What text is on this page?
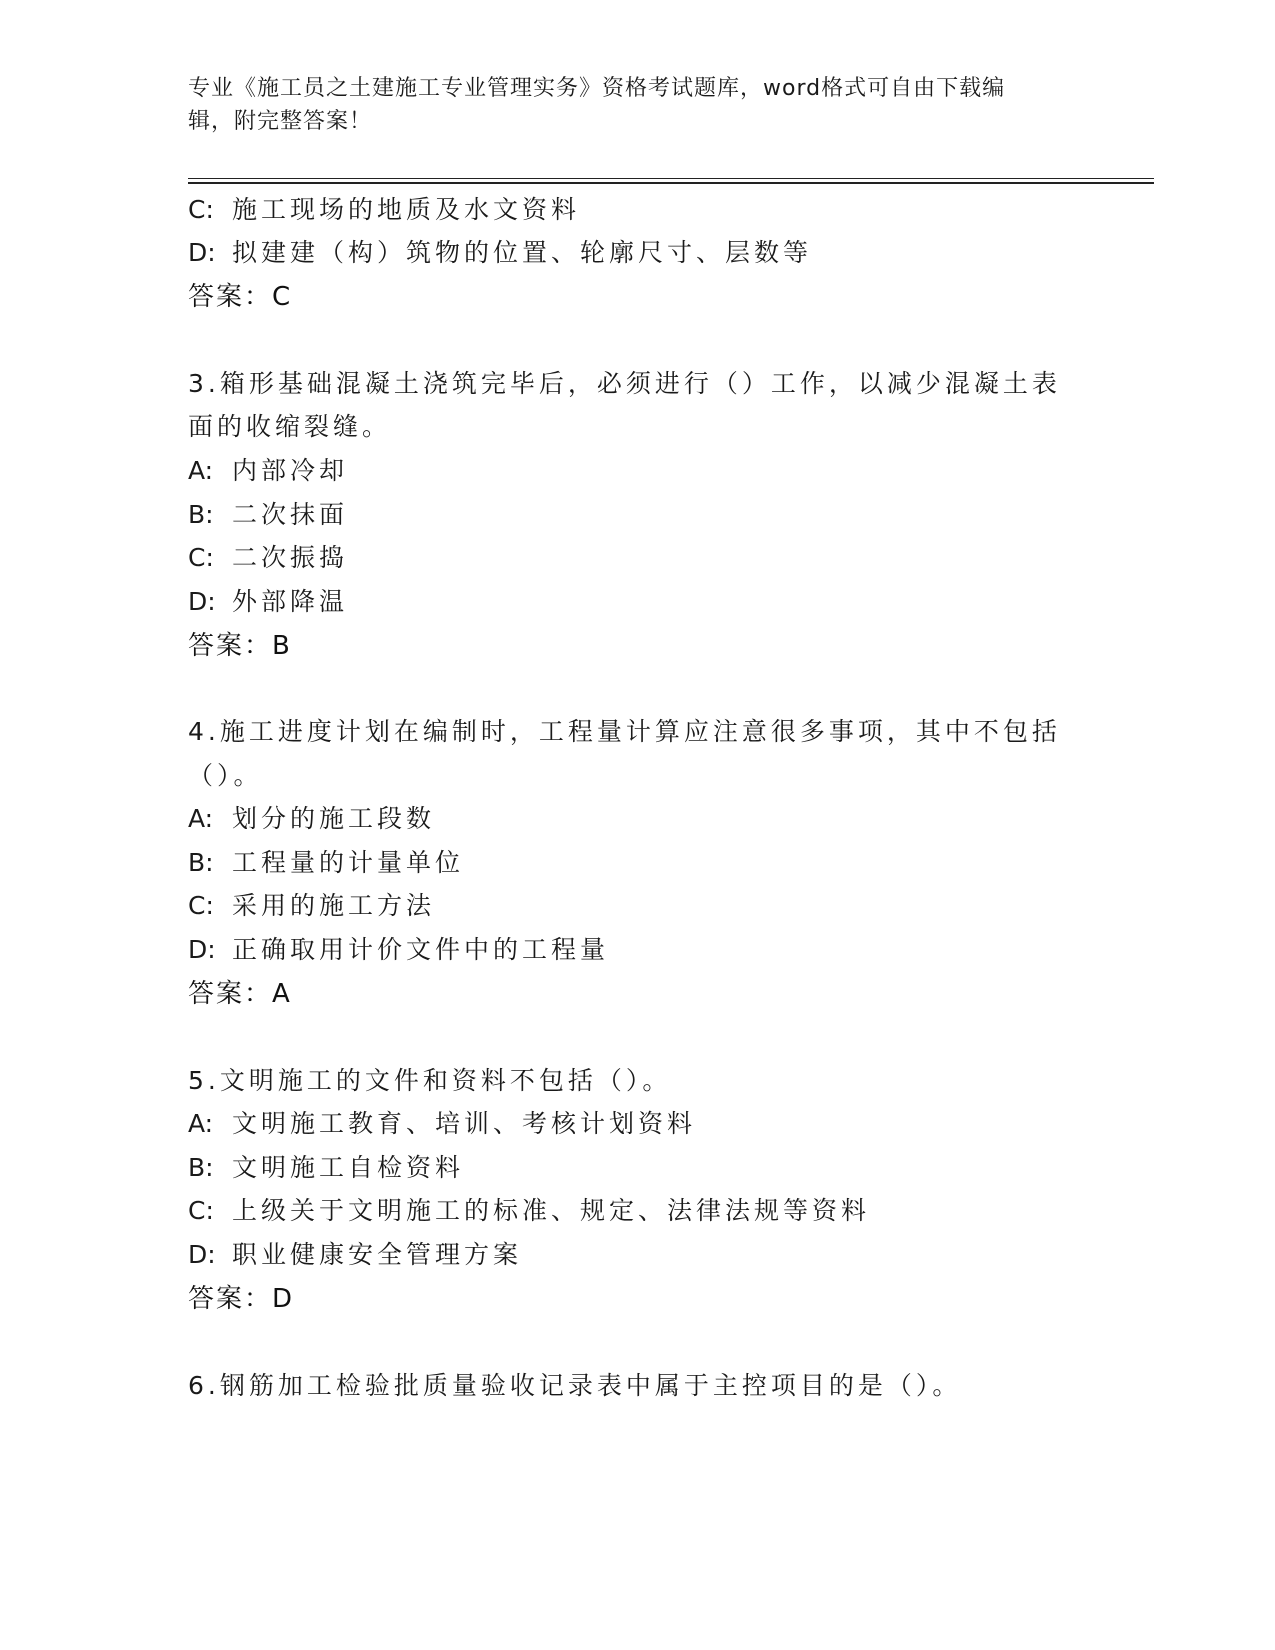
专业《施工员之土建施工专业管理实务》资格考试题库，word格式可自由下载编
辑，附完整答案！
C: 施工现场的地质及水文资料
D: 拟建建（构）筑物的位置、轮廓尺寸、层数等
答案：C
3.箱形基础混凝土浇筑完毕后，必须进行（）工作，以减少混凝土表
面的收缩裂缝。
A: 内部冷却
B: 二次抹面
C: 二次振捣
D: 外部降温
答案：B
4.施工进度计划在编制时，工程量计算应注意很多事项，其中不包括
（）。
A: 划分的施工段数
B: 工程量的计量单位
C: 采用的施工方法
D: 正确取用计价文件中的工程量
答案：A
5.文明施工的文件和资料不包括（）。
A: 文明施工教育、培训、考核计划资料
B: 文明施工自检资料
C: 上级关于文明施工的标准、规定、法律法规等资料
D: 职业健康安全管理方案
答案：D
6.钢筋加工检验批质量验收记录表中属于主控项目的是（）。
